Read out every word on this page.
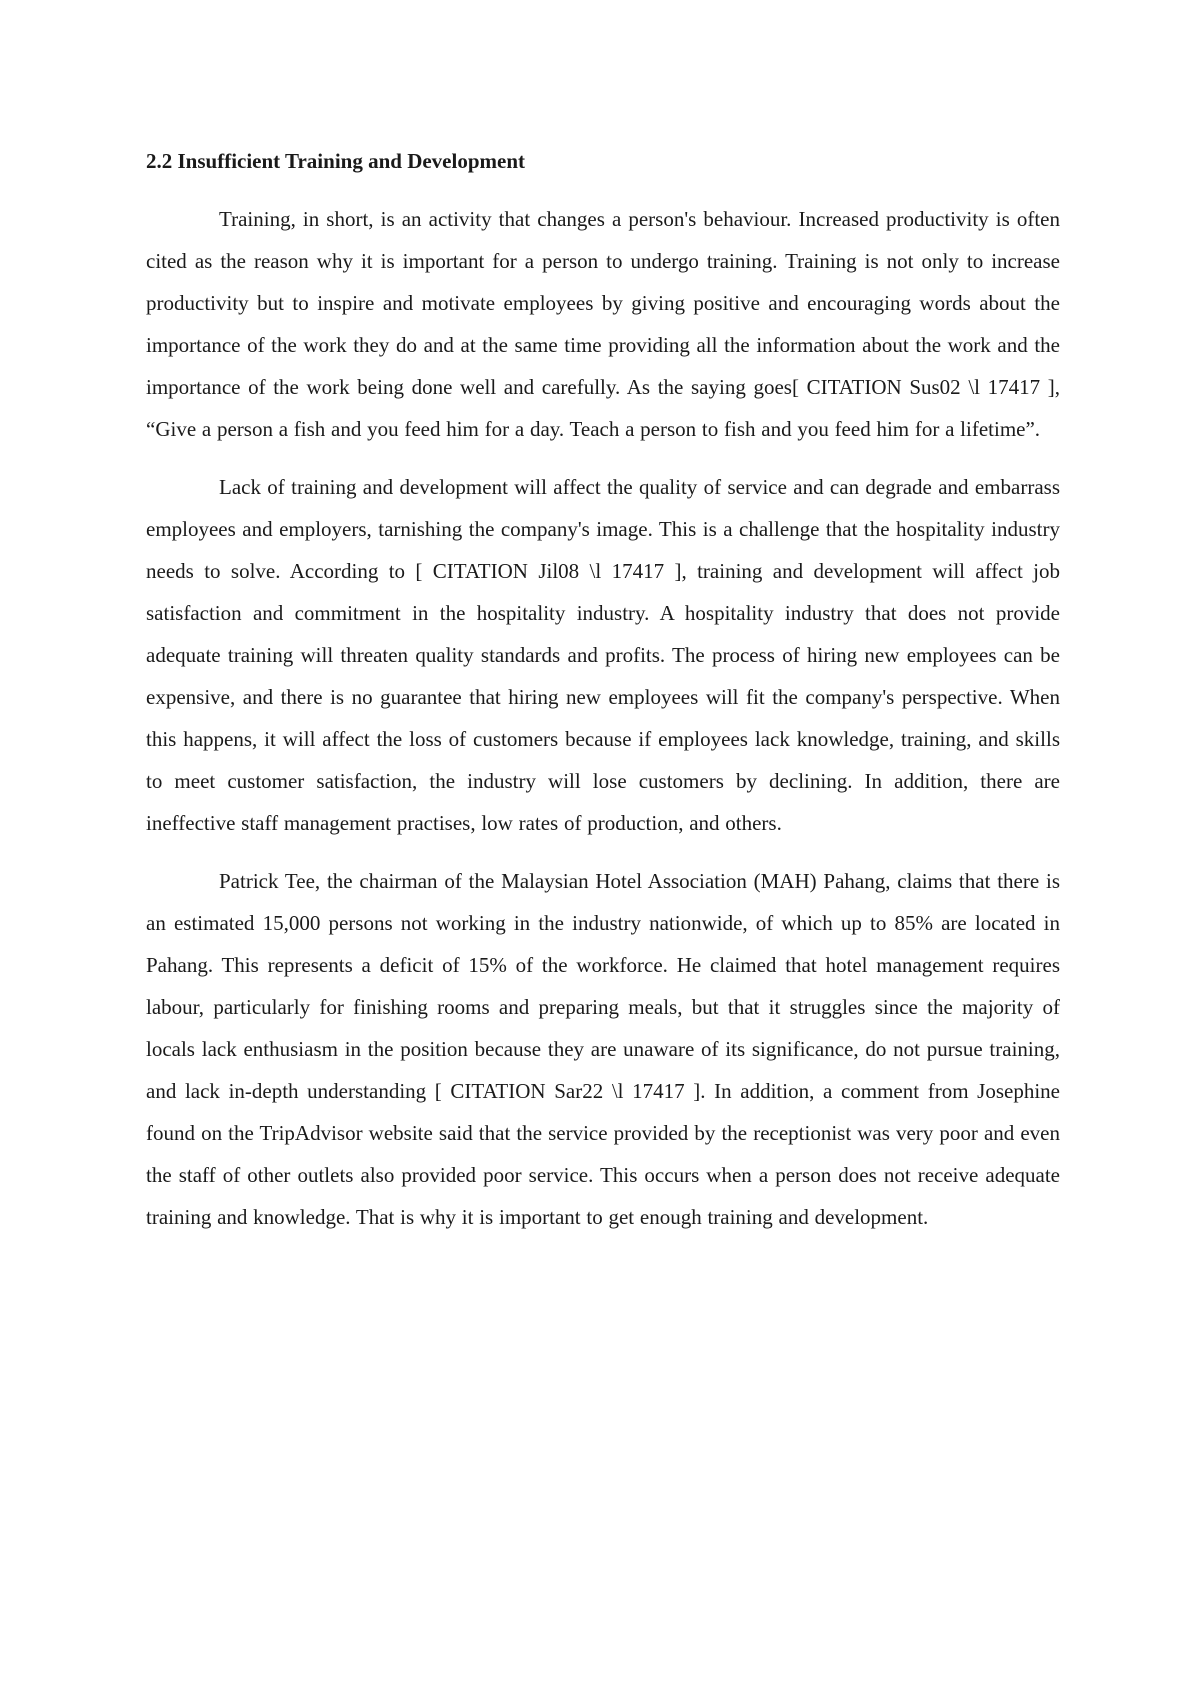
2.2 Insufficient Training and Development

Training, in short, is an activity that changes a person's behaviour. Increased productivity is often cited as the reason why it is important for a person to undergo training. Training is not only to increase productivity but to inspire and motivate employees by giving positive and encouraging words about the importance of the work they do and at the same time providing all the information about the work and the importance of the work being done well and carefully. As the saying goes[ CITATION Sus02 \l 17417 ], “Give a person a fish and you feed him for a day. Teach a person to fish and you feed him for a lifetime”.

Lack of training and development will affect the quality of service and can degrade and embarrass employees and employers, tarnishing the company's image. This is a challenge that the hospitality industry needs to solve. According to [ CITATION Jil08 \l 17417 ], training and development will affect job satisfaction and commitment in the hospitality industry. A hospitality industry that does not provide adequate training will threaten quality standards and profits. The process of hiring new employees can be expensive, and there is no guarantee that hiring new employees will fit the company's perspective. When this happens, it will affect the loss of customers because if employees lack knowledge, training, and skills to meet customer satisfaction, the industry will lose customers by declining. In addition, there are ineffective staff management practises, low rates of production, and others.

Patrick Tee, the chairman of the Malaysian Hotel Association (MAH) Pahang, claims that there is an estimated 15,000 persons not working in the industry nationwide, of which up to 85% are located in Pahang. This represents a deficit of 15% of the workforce. He claimed that hotel management requires labour, particularly for finishing rooms and preparing meals, but that it struggles since the majority of locals lack enthusiasm in the position because they are unaware of its significance, do not pursue training, and lack in-depth understanding [ CITATION Sar22 \l 17417 ]. In addition, a comment from Josephine found on the TripAdvisor website said that the service provided by the receptionist was very poor and even the staff of other outlets also provided poor service. This occurs when a person does not receive adequate training and knowledge. That is why it is important to get enough training and development.
